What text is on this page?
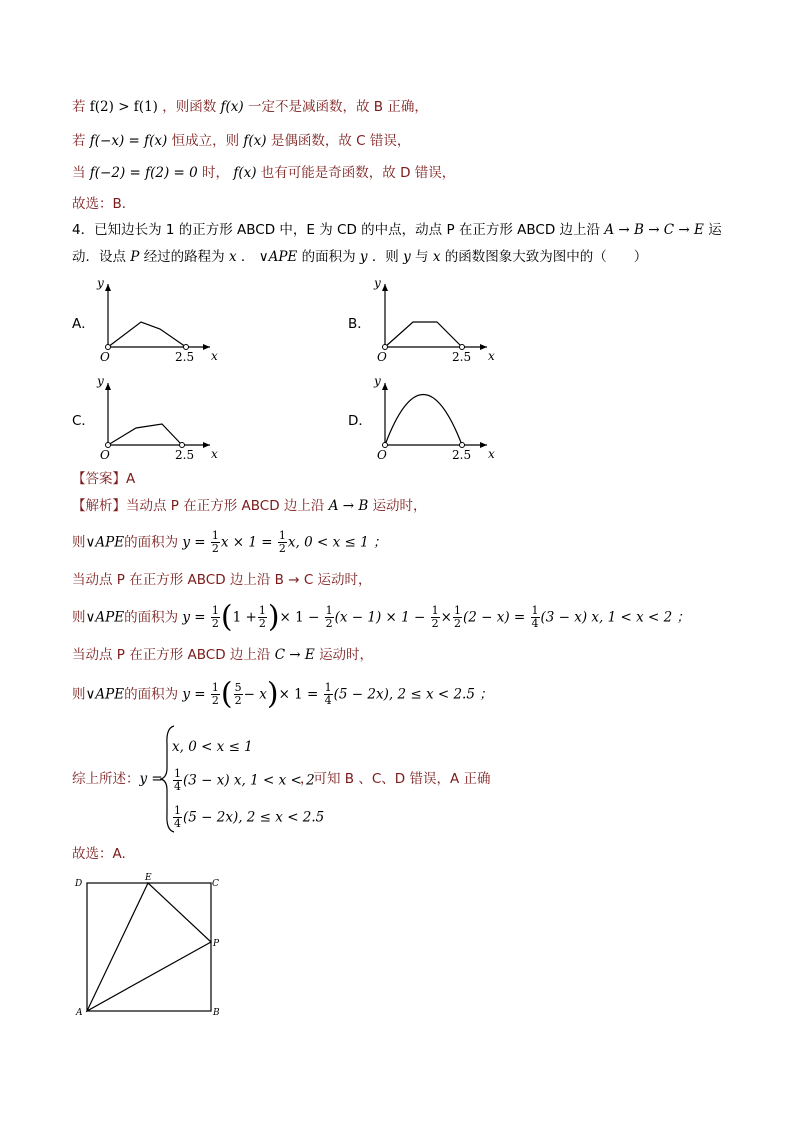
若 f(2) > f(1) ，则函数 f(x) 一定不是减函数，故 B 正确，
若 f(−x) = f(x) 恒成立，则 f(x) 是偶函数，故 C 错误，
当 f(−2) = f(2) = 0 时， f(x) 也有可能是奇函数，故 D 错误，
故选：B．
4．已知边长为 1 的正方形 ABCD 中，E 为 CD 的中点，动点 P 在正方形 ABCD 边上沿 A → B → C → E 运
动．设点 P 经过的路程为 x ． ∨APE 的面积为 y ．则 y 与 x 的函数图象大致为图中的（　　）
A．	B．
C．	D．
y
x
O	2.5
y
x
O	2.5
y
x
O	2.5
y
x
O	2.5
D
E
C
P
A	B
【答案】A
【解析】当动点 P 在正方形 ABCD 边上沿 A → B 运动时，
则∨APE的面积为 $y = \frac{1}{2}$ $x \times 1 = \frac{1}{2} x$, 0 < x ≤ 1 ；
当动点 P 在正方形 ABCD 边上沿 B → C 运动时，
则∨APE的面积为 $y = \frac{1}{2} (1 + \frac{1}{2}$ )× $1 - \frac{1}{2} (x - 1) \times 1 - \frac{1}{2} \times \frac{1}{2} (2 - x) = \frac{1}{4} (3 - x)$ x, 1 < x < 2 ；
当动点 P 在正方形 ABCD 边上沿 C → E 运动时，
则∨APE的面积为 $y = \frac{1}{2}$ ( $\frac{5}{2} - x)\times 1 = \frac{1}{4} (5 - 2x)$, 2 ≤ x < 2.5 ；
综上所述：y =
x, 0 < x ≤ 1
$\frac{1}{4} (3 - x)$ x, 1 < x < 2
$\frac{1}{4} (5 - 2x)$, 2 ≤ x < 2.5
，可知 B 、C、D 错误，A 正确
故选：A.
